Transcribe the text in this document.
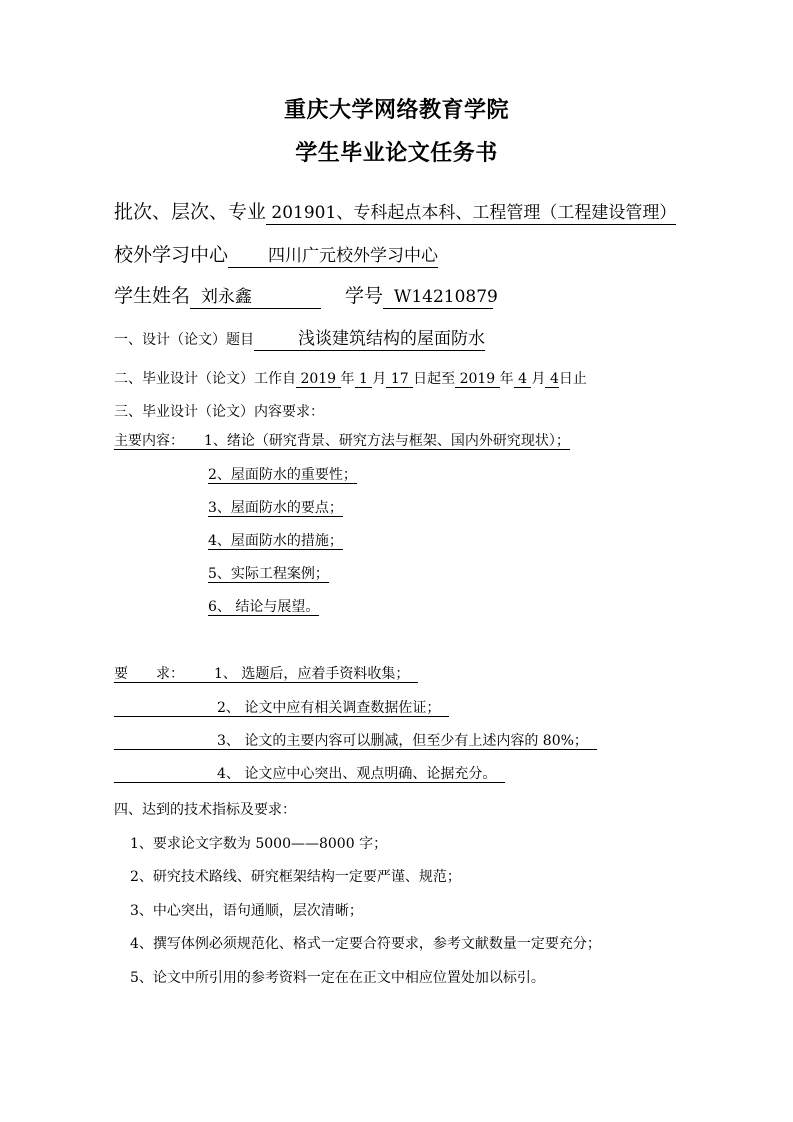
重庆大学网络教育学院
学生毕业论文任务书
批次、层次、专业 201901、专科起点本科、工程管理（工程建设管理）
校外学习中心 四川广元校外学习中心
学生姓名 刘永鑫	学号 W14210879
一、设计（论文）题目	浅谈建筑结构的屋面防水
二、毕业设计（论文）工作自 2019 年 1 月 17 日起至 2019 年 4 月 4日止
三、毕业设计（论文）内容要求：
主要内容： 1、绪论（研究背景、研究方法与框架、国内外研究现状）；
2、屋面防水的重要性；
3、屋面防水的要点；
4、屋面防水的措施；
5、实际工程案例；
6、 结论与展望。
要　　求： 1、 选题后，应着手资料收集；
2、 论文中应有相关调查数据佐证；
3、 论文的主要内容可以删减，但至少有上述内容的 80%；
4、 论文应中心突出、观点明确、论据充分。
四、达到的技术指标及要求：
1、要求论文字数为 5000——8000 字；
2、研究技术路线、研究框架结构一定要严谨、规范；
3、中心突出，语句通顺，层次清晰；
4、撰写体例必须规范化、格式一定要合符要求，参考文献数量一定要充分；
5、论文中所引用的参考资料一定在在正文中相应位置处加以标引。
